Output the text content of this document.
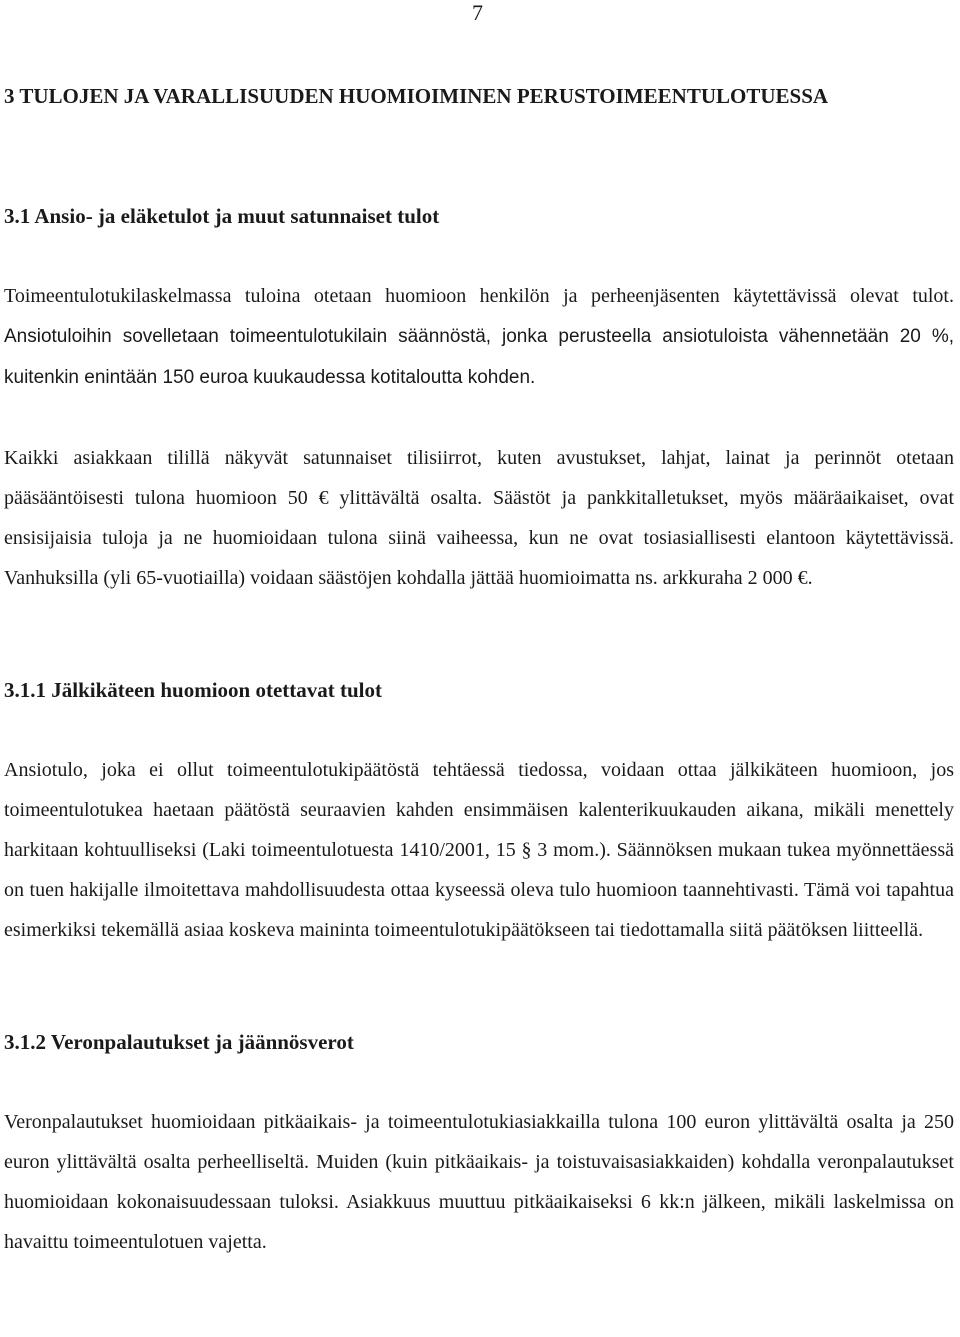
7
3 TULOJEN JA VARALLISUUDEN HUOMIOIMINEN PERUSTOIMEENTULOTUESSA
3.1 Ansio- ja eläketulot ja muut satunnaiset tulot

Toimeentulotukilaskelmassa tuloina otetaan huomioon henkilön ja perheenjäsenten käytettävissä olevat tulot. Ansiotuloihin sovelletaan toimeentulotukilain säännöstä, jonka perusteella ansiotuloista vähennetään 20 %, kuitenkin enintään 150 euroa kuukaudessa kotitaloutta kohden.

Kaikki asiakkaan tilillä näkyvät satunnaiset tilisiirrot, kuten avustukset, lahjat, lainat ja perinnöt otetaan pääsääntöisesti tulona huomioon 50 € ylittävältä osalta. Säästöt ja pankkitalletukset, myös määräaikaiset, ovat ensisijaisia tuloja ja ne huomioidaan tulona siinä vaiheessa, kun ne ovat tosiasiallisesti elantoon käytettävissä. Vanhuksilla (yli 65-vuotiailla) voidaan säästöjen kohdalla jättää huomioimatta ns. arkkuraha 2 000 €.

3.1.1 Jälkikäteen huomioon otettavat tulot

Ansiotulo, joka ei ollut toimeentulotukipäätöstä tehtäessä tiedossa, voidaan ottaa jälkikäteen huomioon, jos toimeentulotukea haetaan päätöstä seuraavien kahden ensimmäisen kalenterikuukauden aikana, mikäli menettely harkitaan kohtuulliseksi (Laki toimeentulotuesta 1410/2001, 15 § 3 mom.). Säännöksen mukaan tukea myönnettäessä on tuen hakijalle ilmoitettava mahdollisuudesta ottaa kyseessä oleva tulo huomioon taannehtivasti. Tämä voi tapahtua esimerkiksi tekemällä asiaa koskeva maininta toimeentulotukipäätökseen tai tiedottamalla siitä päätöksen liitteellä.

3.1.2 Veronpalautukset ja jäännösverot

Veronpalautukset huomioidaan pitkäaikais- ja toimeentulotukiasiakkailla tulona 100 euron ylittävältä osalta ja 250 euron ylittävältä osalta perheelliseltä. Muiden (kuin pitkäaikais- ja toistuvaisasiakkaiden) kohdalla veronpalautukset huomioidaan kokonaisuudessaan tuloksi. Asiakkuus muuttuu pitkäaikaiseksi 6 kk:n jälkeen, mikäli laskelmissa on havaittu toimeentulotuen vajetta.
